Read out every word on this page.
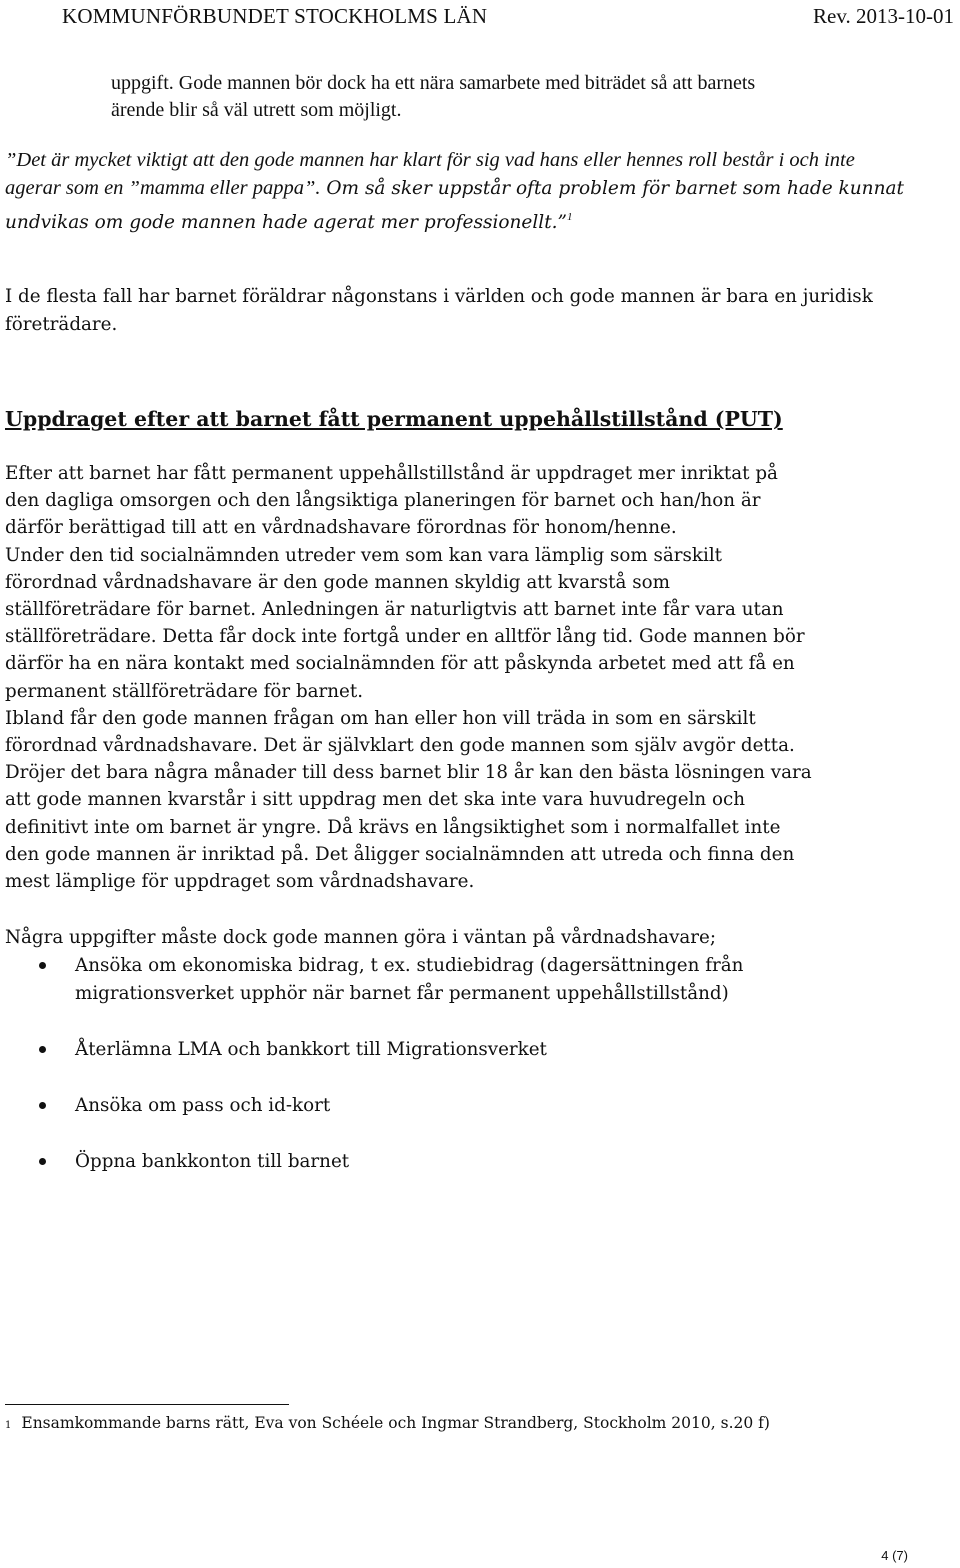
KOMMUNFÖRBUNDET STOCKHOLMS LÄN	Rev. 2013-10-01
uppgift. Gode mannen bör dock ha ett nära samarbete med biträdet så att barnets
ärende blir så väl utrett som möjligt.
”Det är mycket viktigt att den gode mannen har klart för sig vad hans eller hennes roll består i och inte agerar som en ”mamma eller pappa”. Om så sker uppstår ofta problem för barnet som hade kunnat undvikas om gode mannen hade agerat mer professionellt.”$^1$
I de flesta fall har barnet föräldrar någonstans i världen och gode mannen är bara en juridisk företrädare.
Uppdraget efter att barnet fått permanent uppehållstillstånd (PUT)
Efter att barnet har fått permanent uppehållstillstånd är uppdraget mer inriktat på
den dagliga omsorgen och den långsiktiga planeringen för barnet och han/hon är
därför berättigad till att en vårdnadshavare förordnas för honom/henne.
Under den tid socialnämnden utreder vem som kan vara lämplig som särskilt
förordnad vårdnadshavare är den gode mannen skyldig att kvarstå som
ställföreträdare för barnet. Anledningen är naturligtvis att barnet inte får vara utan
ställföreträdare. Detta får dock inte fortgå under en alltför lång tid. Gode mannen bör
därför ha en nära kontakt med socialnämnden för att påskynda arbetet med att få en
permanent ställföreträdare för barnet.
Ibland får den gode mannen frågan om han eller hon vill träda in som en särskilt
förordnad vårdnadshavare. Det är självklart den gode mannen som själv avgör detta.
Dröjer det bara några månader till dess barnet blir 18 år kan den bästa lösningen vara
att gode mannen kvarstår i sitt uppdrag men det ska inte vara huvudregeln och
definitivt inte om barnet är yngre. Då krävs en långsiktighet som i normalfallet inte
den gode mannen är inriktad på. Det åligger socialnämnden att utreda och finna den
mest lämplige för uppdraget som vårdnadshavare.
Några uppgifter måste dock gode mannen göra i väntan på vårdnadshavare;
Ansöka om ekonomiska bidrag, t ex. studiebidrag (dagersättningen från migrationsverket upphör när barnet får permanent uppehållstillstånd)
Återlämna LMA och bankkort till Migrationsverket
Ansöka om pass och id-kort
Öppna bankkonton till barnet
$^1$ Ensamkommande barns rätt, Eva von Schéele och Ingmar Strandberg, Stockholm 2010, s.20 f)
4 (7)
